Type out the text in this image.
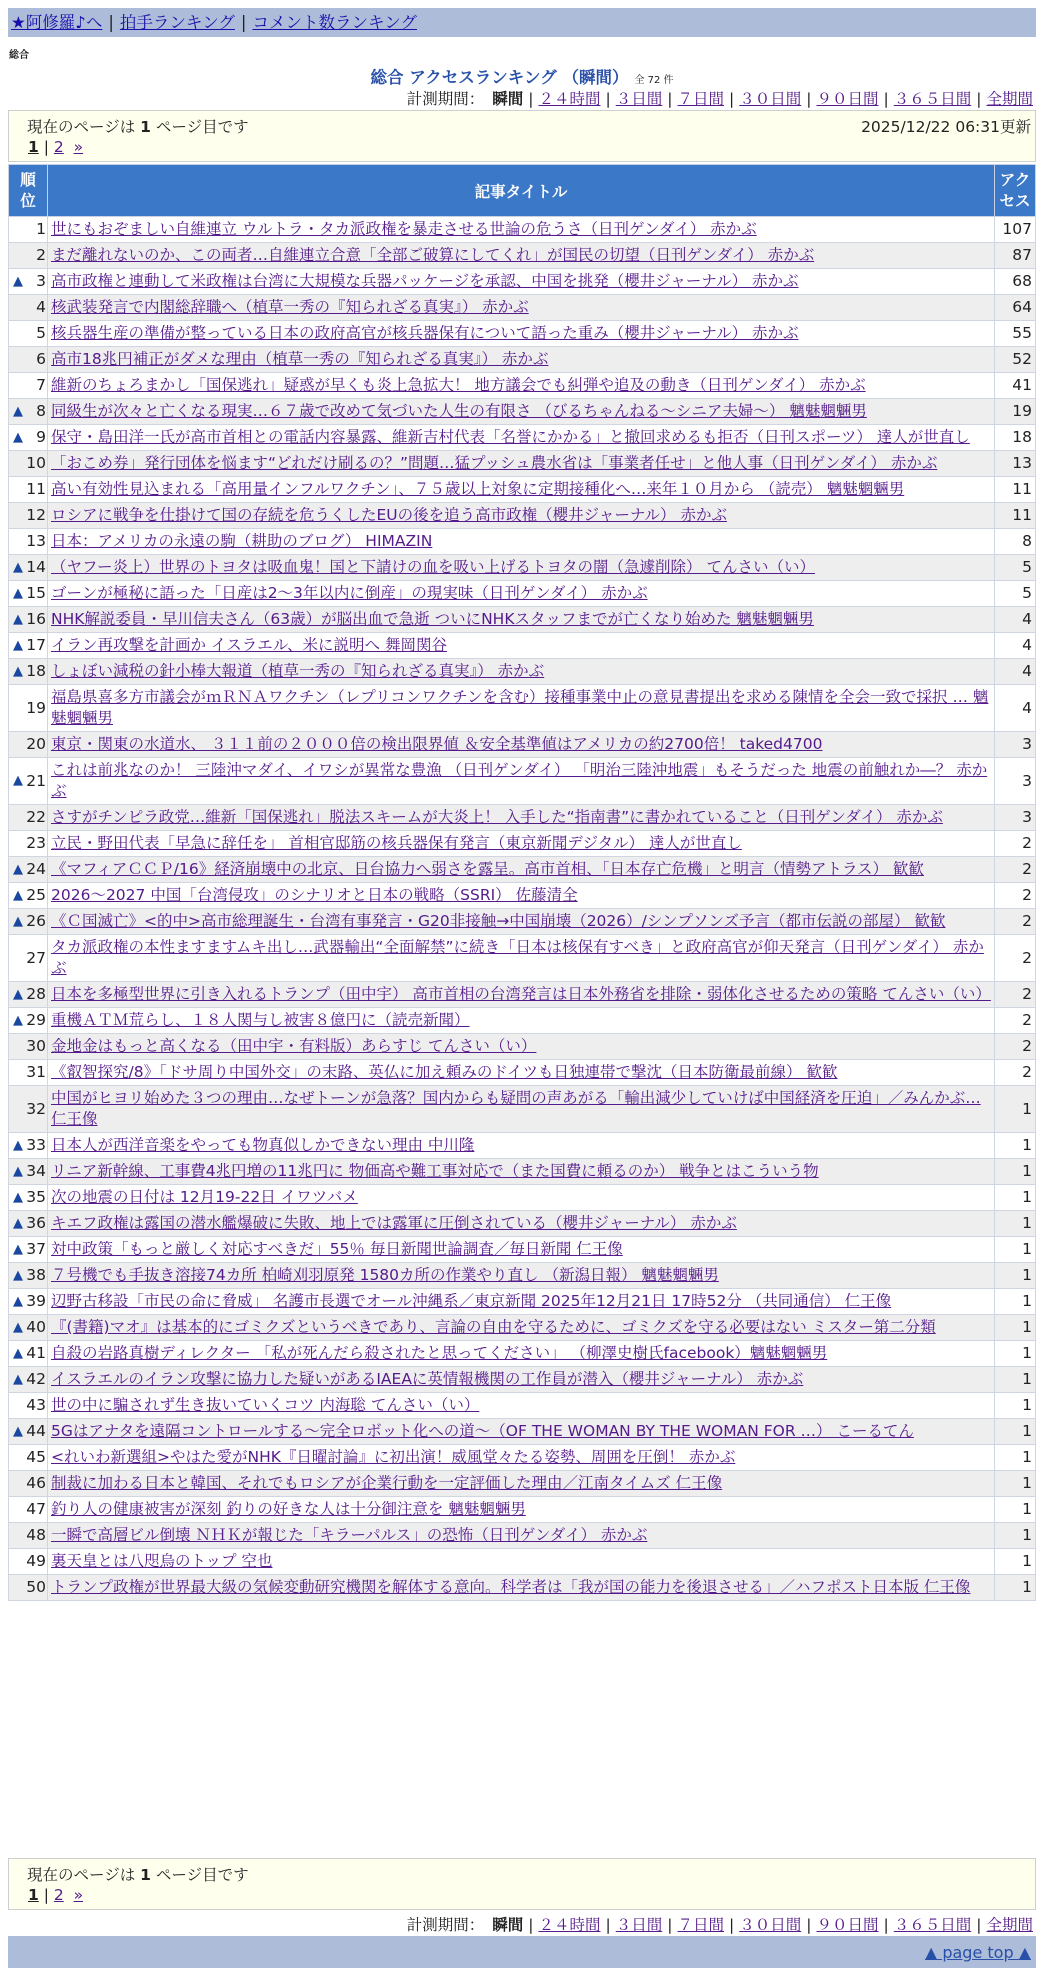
★阿修羅♪へ | 拍手ランキング | コメント数ランキング
総合
総合 アクセスランキング （瞬間） 全 72 件
計測期間： 瞬間 | ２４時間 | ３日間 | ７日間 | ３０日間 | ９０日間 | ３６５日間 | 全期間
現在のページは 1 ページ目です	2025/12/22 06:31更新
1 | 2 »
順位	記事タイトル	アクセス
1	世にもおぞましい自維連立 ウルトラ・タカ派政権を暴走させる世論の危うさ（日刊ゲンダイ） 赤かぶ	107
2	まだ離れないのか、この両者…自維連立合意「全部ご破算にしてくれ」が国民の切望（日刊ゲンダイ） 赤かぶ	87

▲ 3	高市政権と連動して米政権は台湾に大規模な兵器パッケージを承認、中国を挑発（櫻井ジャーナル） 赤かぶ	68
4	核武装発言で内閣総辞職へ（植草一秀の『知られざる真実』） 赤かぶ	64
5	核兵器生産の準備が整っている日本の政府高官が核兵器保有について語った重み（櫻井ジャーナル） 赤かぶ	55
6	高市18兆円補正がダメな理由（植草一秀の『知られざる真実』） 赤かぶ	52
7	維新のちょろまかし「国保逃れ」疑惑が早くも炎上急拡大！ 地方議会でも糾弾や追及の動き（日刊ゲンダイ） 赤かぶ	41

▲ 8	同級生が次々と亡くなる現実…６７歳で改めて気づいた人生の有限さ （びるちゃんねる〜シニア夫婦〜） 魑魅魍魎男	19

▲ 9	保守・島田洋一氏が高市首相との電話内容暴露、維新吉村代表「名誉にかかる」と撤回求めるも拒否（日刊スポーツ） 達人が世直し	18
10	「おこめ券」発行団体を悩ます“どれだけ刷るの？”問題…猛プッシュ農水省は「事業者任せ」と他人事（日刊ゲンダイ） 赤かぶ	13
11	高い有効性見込まれる「高用量インフルワクチン」、７５歳以上対象に定期接種化へ…来年１０月から （読売） 魑魅魍魎男	11
12	ロシアに戦争を仕掛けて国の存続を危うくしたEUの後を追う高市政権（櫻井ジャーナル） 赤かぶ	11
13	日本：アメリカの永遠の駒（耕助のブログ） HIMAZIN	8

▲ 14	（ヤフー炎上）世界のトヨタは吸血鬼！国と下請けの血を吸い上げるトヨタの闇（急遽削除） てんさい（い）	5

▲ 15	ゴーンが極秘に語った「日産は2〜3年以内に倒産」の現実味（日刊ゲンダイ） 赤かぶ	5

▲ 16	NHK解説委員・早川信夫さん（63歳）が脳出血で急逝 ついにNHKスタッフまでが亡くなり始めた 魑魅魍魎男	4

▲ 17	イラン再攻撃を計画か イスラエル、米に説明へ 舞岡関谷	4

▲ 18	しょぼい減税の針小棒大報道（植草一秀の『知られざる真実』） 赤かぶ	4
19	福島県喜多方市議会がｍＲＮＡワクチン（レプリコンワクチンを含む）接種事業中止の意見書提出を求める陳情を全会一致で採択 … 魑魅魍魎男	4
20	東京・関東の水道水、 ３１１前の２０００倍の検出限界値 ＆安全基準値はアメリカの約2700倍！ taked4700	3

▲ 21	これは前兆なのか！ 三陸沖マダイ、イワシが異常な豊漁 （日刊ゲンダイ） 「明治三陸沖地震」もそうだった 地震の前触れか―？ 赤かぶ	3
22	さすがチンピラ政党…維新「国保逃れ」脱法スキームが大炎上！ 入手した“指南書”に書かれていること（日刊ゲンダイ） 赤かぶ	3
23	立民・野田代表「早急に辞任を」 首相官邸筋の核兵器保有発言（東京新聞デジタル） 達人が世直し	2

▲ 24	《マフィアＣＣＰ/16》経済崩壊中の北京、日台協力へ弱さを露呈。高市首相、「日本存亡危機」と明言（情勢アトラス） 歓歓	2

▲ 25	2026〜2027 中国「台湾侵攻」のシナリオと日本の戦略（SSRI） 佐藤清全	2

▲ 26	《Ｃ国滅亡》<的中>高市総理誕生・台湾有事発言・G20非接触→中国崩壊（2026）/シンプソンズ予言（都市伝説の部屋） 歓歓	2
27	タカ派政権の本性ますますムキ出し…武器輸出“全面解禁”に続き「日本は核保有すべき」と政府高官が仰天発言（日刊ゲンダイ） 赤かぶ	2

▲ 28	日本を多極型世界に引き入れるトランプ（田中宇） 高市首相の台湾発言は日本外務省を排除・弱体化させるための策略 てんさい（い）	2

▲ 29	重機ＡＴＭ荒らし、１８人関与し被害８億円に（読売新聞）	2
30	金地金はもっと高くなる（田中宇・有料版）あらすじ てんさい（い）	2
31	《叡智探究/8》「ドサ周り中国外交」の末路、英仏に加え頼みのドイツも日独連帯で撃沈（日本防衛最前線） 歓歓	2
32	中国がヒヨリ始めた３つの理由…なぜトーンが急落？国内からも疑問の声あがる「輸出減少していけば中国経済を圧迫」／みんかぶ… 仁王像	1

▲ 33	日本人が西洋音楽をやっても物真似しかできない理由 中川隆	1

▲ 34	リニア新幹線、工事費4兆円増の11兆円に 物価高や難工事対応で（また国費に頼るのか） 戦争とはこういう物	1

▲ 35	次の地震の日付は 12月19-22日 イワツバメ	1

▲ 36	キエフ政権は露国の潜水艦爆破に失敗、地上では露軍に圧倒されている（櫻井ジャーナル） 赤かぶ	1

▲ 37	対中政策「もっと厳しく対応すべきだ」55％ 毎日新聞世論調査／毎日新聞 仁王像	1

▲ 38	７号機でも手抜き溶接74カ所 柏崎刈羽原発 1580カ所の作業やり直し （新潟日報） 魑魅魍魎男	1

▲ 39	辺野古移設「市民の命に脅威」 名護市長選でオール沖縄系／東京新聞 2025年12月21日 17時52分 （共同通信） 仁王像	1

▲ 40	『(書籍)マオ』は基本的にゴミクズというべきであり、言論の自由を守るために、ゴミクズを守る必要はない ミスター第二分類	1

▲ 41	自殺の岩路真樹ディレクター 「私が死んだら殺されたと思ってください」 （柳澤史樹氏facebook）魑魅魍魎男	1

▲ 42	イスラエルのイラン攻撃に協力した疑いがあるIAEAに英情報機関の工作員が潜入（櫻井ジャーナル） 赤かぶ	1
43	世の中に騙されず生き抜いていくコツ 内海聡 てんさい（い）	1

▲ 44	5Gはアナタを遠隔コントロールする〜完全ロボット化への道〜（OF THE WOMAN BY THE WOMAN FOR …） こーるてん	1
45	<れいわ新選組>やはた愛がNHK『日曜討論』に初出演！威風堂々たる姿勢、周囲を圧倒！ 赤かぶ	1
46	制裁に加わる日本と韓国、それでもロシアが企業行動を一定評価した理由／江南タイムズ 仁王像	1
47	釣り人の健康被害が深刻 釣りの好きな人は十分御注意を 魑魅魍魎男	1
48	一瞬で高層ビル倒壊 ＮＨＫが報じた「キラーパルス」の恐怖（日刊ゲンダイ） 赤かぶ	1
49	裏天皇とは八咫烏のトップ 空也	1
50	トランプ政権が世界最大級の気候変動研究機関を解体する意向。科学者は「我が国の能力を後退させる」／ハフポスト日本版 仁王像	1
現在のページは 1 ページ目です
1 | 2 »
計測期間： 瞬間 | ２４時間 | ３日間 | ７日間 | ３０日間 | ９０日間 | ３６５日間 | 全期間
▲ page top ▲
